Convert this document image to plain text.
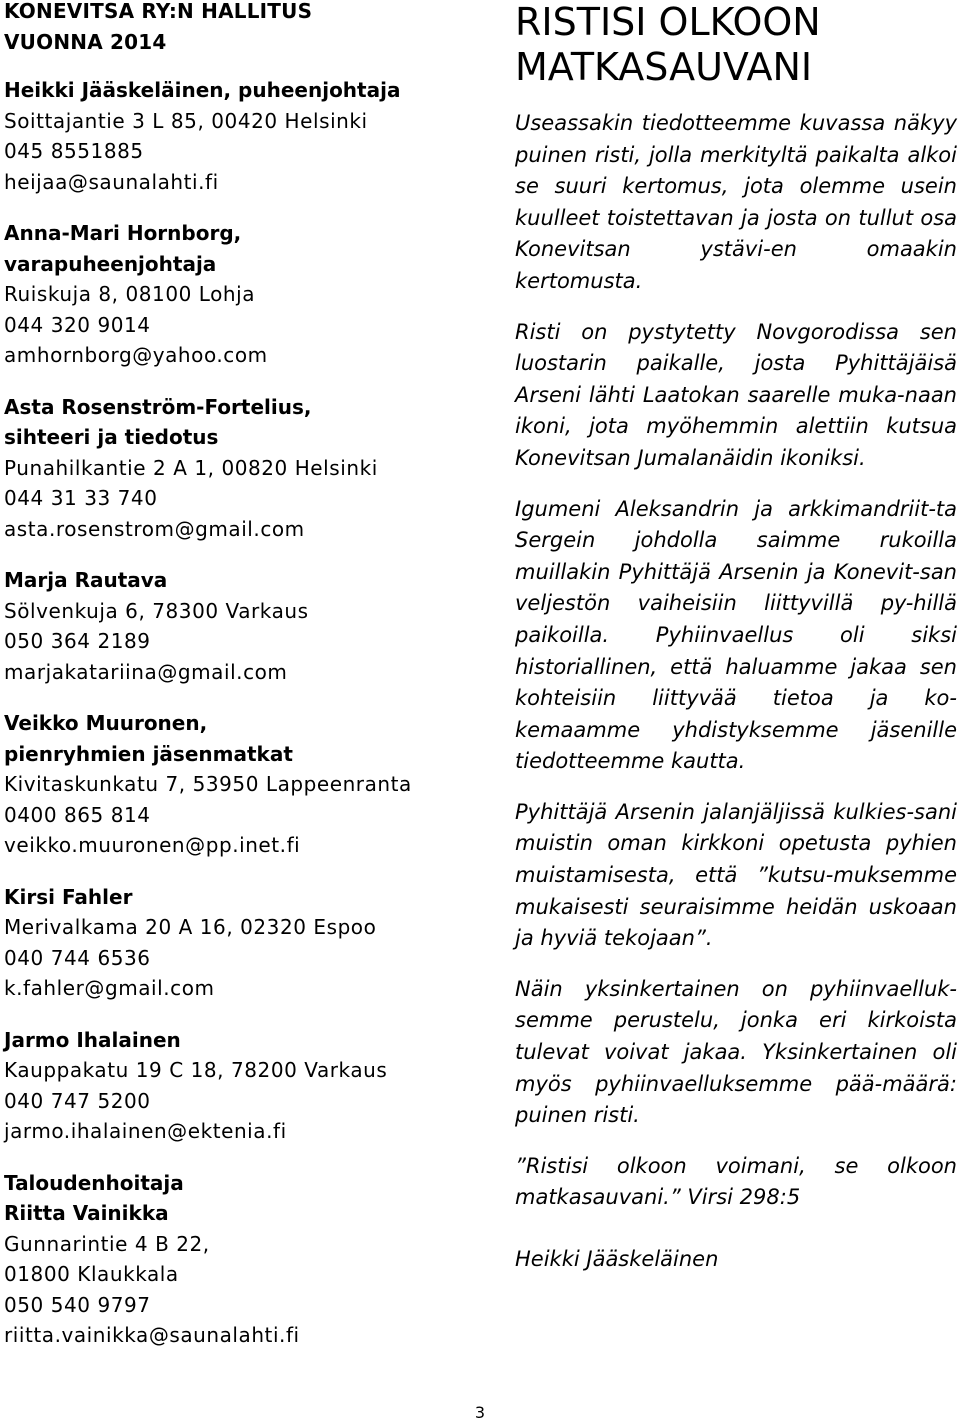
KONEVITSA RY:N HALLITUS
VUONNA 2014
Heikki Jääskeläinen, puheenjohtaja
Soittajantie 3 L 85, 00420 Helsinki
045 8551885
heijaa@saunalahti.fi
Anna-Mari Hornborg,
varapuheenjohtaja
Ruiskuja 8, 08100 Lohja
044 320 9014
amhornborg@yahoo.com
Asta Rosenström-Fortelius,
sihteeri ja tiedotus
Punahilkantie 2 A 1, 00820 Helsinki
044 31 33 740
asta.rosenstrom@gmail.com
Marja Rautava
Sölvenkuja 6, 78300 Varkaus
050 364 2189
marjakatariina@gmail.com
Veikko Muuronen,
pienryhmien jäsenmatkat
Kivitaskunkatu 7, 53950 Lappeenranta
0400 865 814
veikko.muuronen@pp.inet.fi
Kirsi Fahler
Merivalkama 20 A 16, 02320 Espoo
040 744 6536
k.fahler@gmail.com
Jarmo Ihalainen
Kauppakatu 19 C 18, 78200 Varkaus
040 747 5200
jarmo.ihalainen@ektenia.fi
Taloudenhoitaja
Riitta Vainikka
Gunnarintie 4 B 22,
01800 Klaukkala
050 540 9797
riitta.vainikka@saunalahti.fi
RISTISI OLKOON
MATKASAUVANI

Useassakin tiedotteemme kuvassa näkyy puinen risti, jolla merkityltä paikalta alkoi se suuri kertomus, jota olemme usein kuulleet toistettavan ja josta on tullut osa Konevitsan ystävi-en omaakin kertomusta.

Risti on pystytetty Novgorodissa sen luostarin paikalle, josta Pyhittäjäisä Arseni lähti Laatokan saarelle muka-naan ikoni, jota myöhemmin alettiin kutsua Konevitsan Jumalanäidin ikoniksi.

Igumeni Aleksandrin ja arkkimandriit-ta Sergein johdolla saimme rukoilla muillakin Pyhittäjä Arsenin ja Konevit-san veljestön vaiheisiin liittyvillä py-hillä paikoilla. Pyhiinvaellus oli siksi historiallinen, että haluamme jakaa sen kohteisiin liittyvää tietoa ja ko-kemaamme yhdistyksemme jäsenille tiedotteemme kautta.

Pyhittäjä Arsenin jalanjäljissä kulkies-sani muistin oman kirkkoni opetusta pyhien muistamisesta, että ”kutsu-muksemme mukaisesti seuraisimme heidän uskoaan ja hyviä tekojaan”.

Näin yksinkertainen on pyhiinvaelluk-semme perustelu, jonka eri kirkoista tulevat voivat jakaa. Yksinkertainen oli myös pyhiinvaelluksemme pää-määrä: puinen risti.

”Ristisi olkoon voimani, se olkoon matkasauvani.” Virsi 298:5

Heikki Jääskeläinen

3
